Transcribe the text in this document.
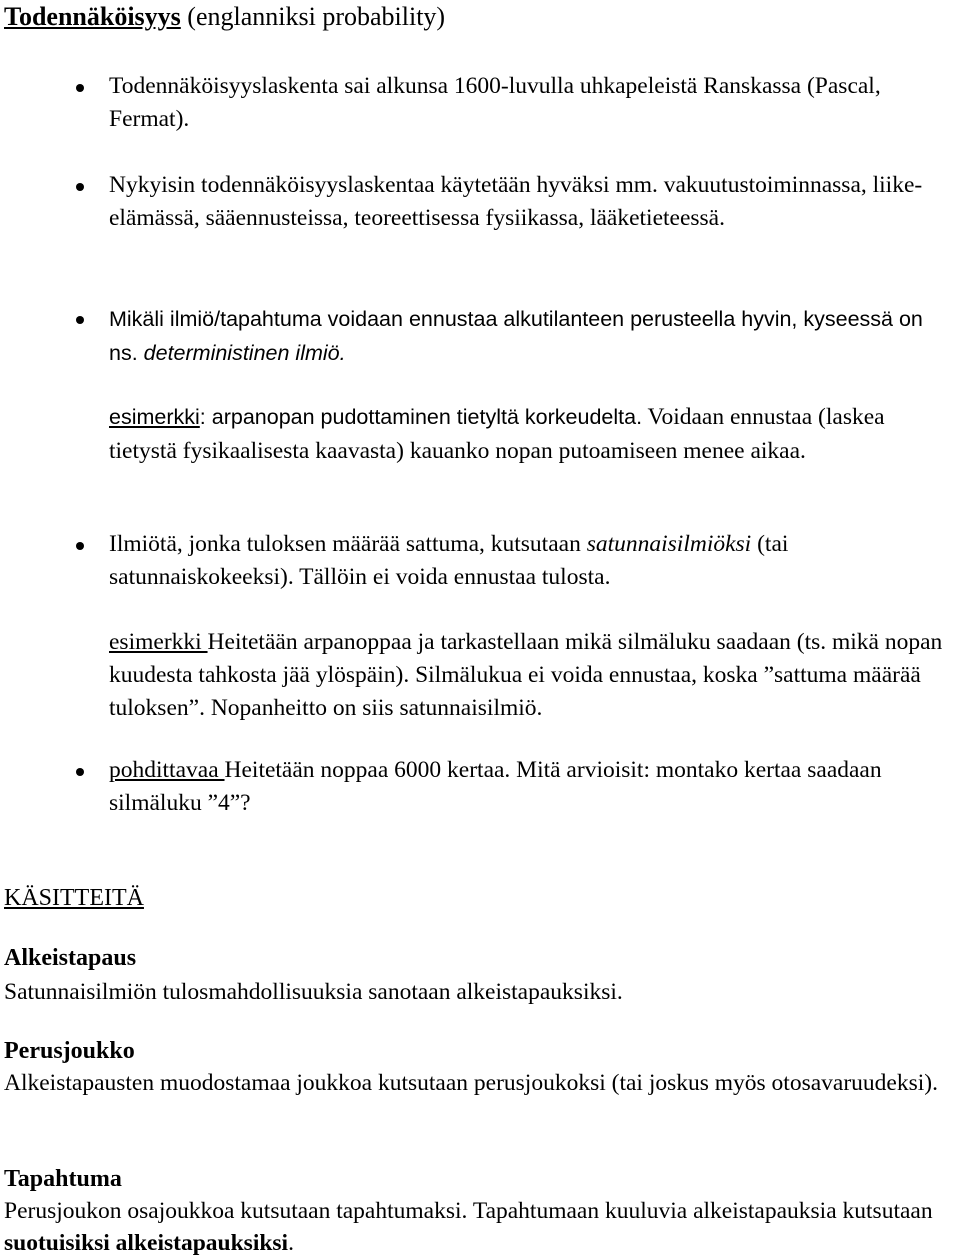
Todennäköisyys (englanniksi probability)
Todennäköisyyslaskenta sai alkunsa 1600-luvulla uhkapeleistä Ranskassa (Pascal, Fermat).
Nykyisin todennäköisyyslaskentaa käytetään hyväksi mm. vakuutustoiminnassa, liike-elämässä, sääennusteissa, teoreettisessa fysiikassa, lääketieteessä.
Mikäli ilmiö/tapahtuma voidaan ennustaa alkutilanteen perusteella hyvin, kyseessä on ns. deterministinen ilmiö.
esimerkki: arpanopan pudottaminen tietyltä korkeudelta. Voidaan ennustaa (laskea tietystä fysikaalisesta kaavasta) kauanko nopan putoamiseen menee aikaa.
Ilmiötä, jonka tuloksen määrää sattuma, kutsutaan satunnaisilmiöksi (tai satunnaiskokeeksi). Tällöin ei voida ennustaa tulosta.
esimerkki Heitetään arpanoppaa ja tarkastellaan mikä silmäluku saadaan (ts. mikä nopan kuudesta tahkosta jää ylöspäin). Silmälukua ei voida ennustaa, koska ”sattuma määrää tuloksen”. Nopanheitto on siis satunnaisilmiö.
pohdittavaa Heitetään noppaa 6000 kertaa. Mitä arvioisit: montako kertaa saadaan silmäluku ”4”?
KÄSITTEITÄ
Alkeistapaus
Satunnaisilmiön tulosmahdollisuuksia sanotaan alkeistapauksiksi.
Perusjoukko
Alkeistapausten muodostamaa joukkoa kutsutaan perusjoukoksi (tai joskus myös otosavaruudeksi).
Tapahtuma
Perusjoukon osajoukkoa kutsutaan tapahtumaksi. Tapahtumaan kuuluvia alkeistapauksia kutsutaan suotuisiksi alkeistapauksiksi.
